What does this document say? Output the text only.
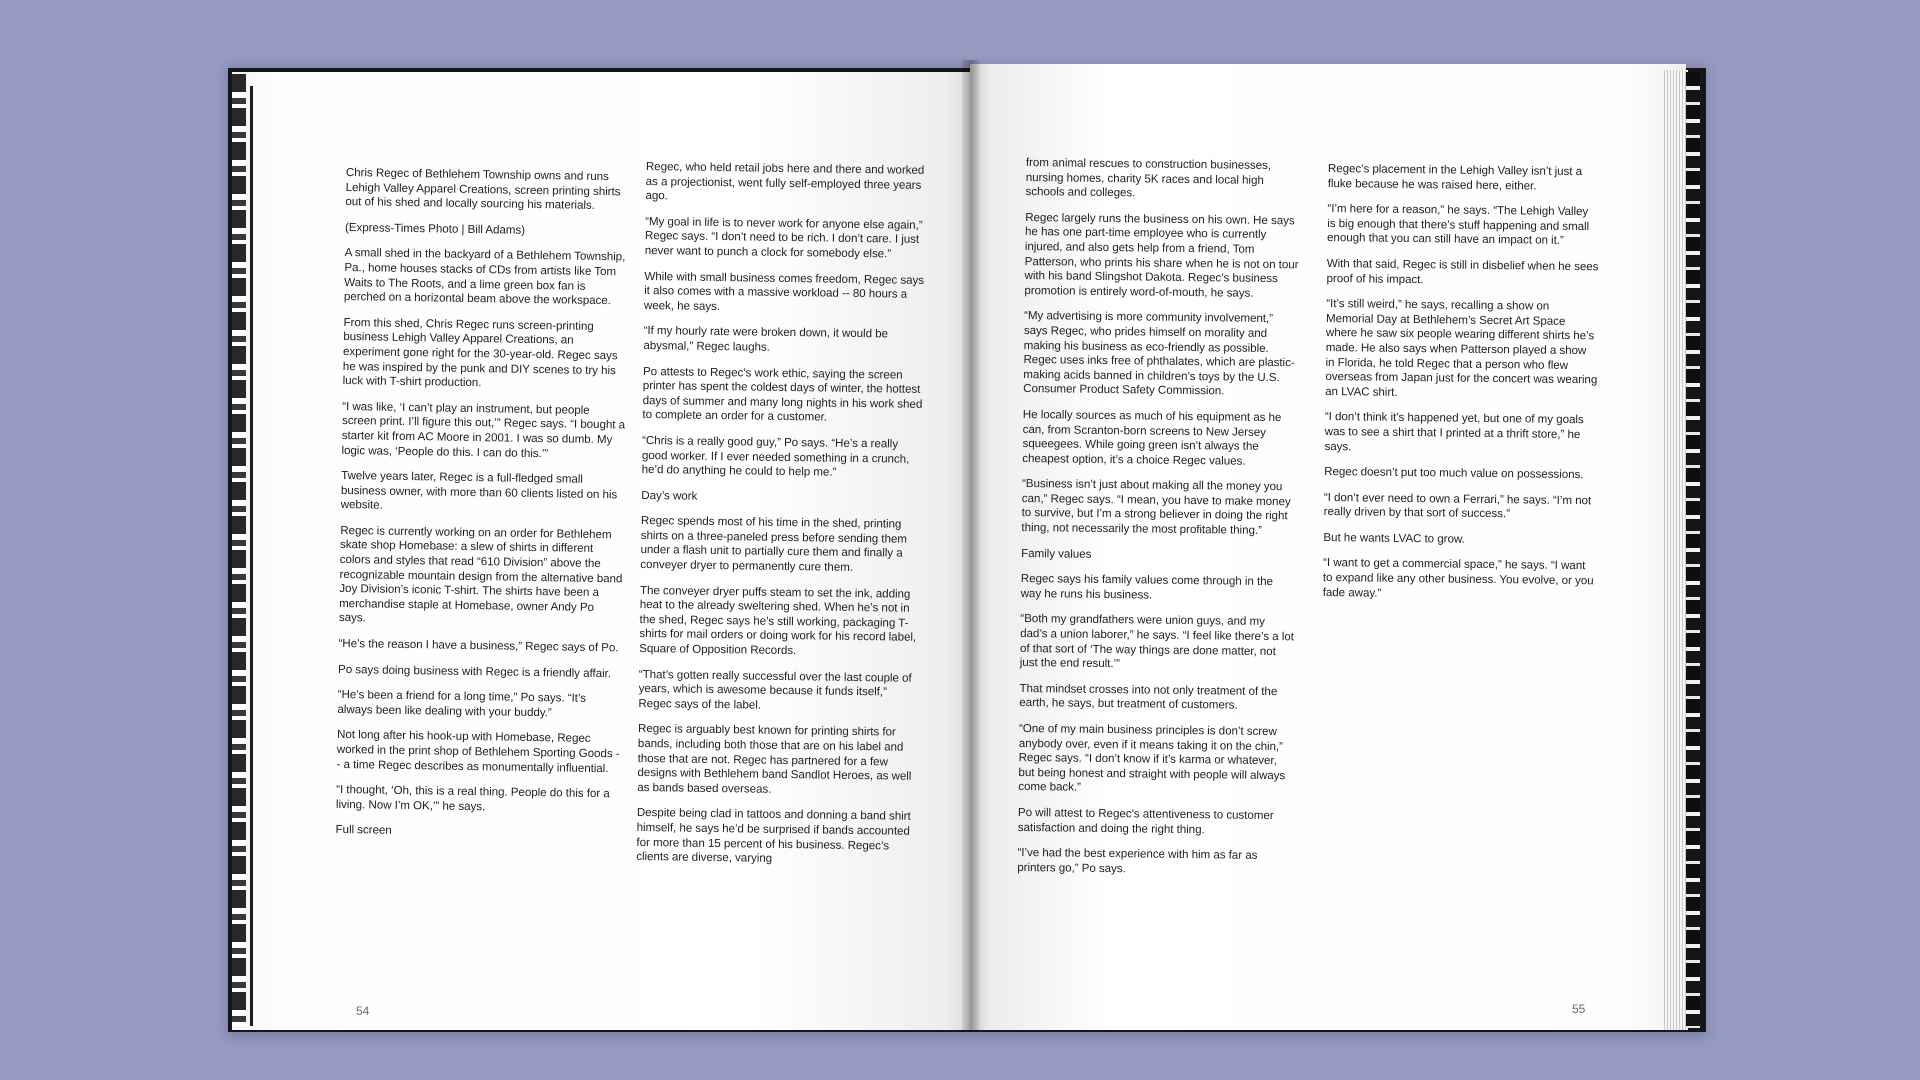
Chris Regec of Bethlehem Township owns and runs Lehigh Valley Apparel Creations, screen printing shirts out of his shed and locally sourcing his materials.

(Express-Times Photo | Bill Adams)

A small shed in the backyard of a Bethlehem Township, Pa., home houses stacks of CDs from artists like Tom Waits to The Roots, and a lime green box fan is perched on a horizontal beam above the workspace.

From this shed, Chris Regec runs screen-printing business Lehigh Valley Apparel Creations, an experiment gone right for the 30-year-old. Regec says he was inspired by the punk and DIY scenes to try his luck with T-shirt production.

“I was like, ‘I can’t play an instrument, but people screen print. I’ll figure this out,’” Regec says. “I bought a starter kit from AC Moore in 2001. I was so dumb. My logic was, ‘People do this. I can do this.’”

Twelve years later, Regec is a full-fledged small business owner, with more than 60 clients listed on his website.

Regec is currently working on an order for Bethlehem skate shop Homebase: a slew of shirts in different colors and styles that read “610 Division” above the recognizable mountain design from the alternative band Joy Division’s iconic T-shirt. The shirts have been a merchandise staple at Homebase, owner Andy Po says.

“He’s the reason I have a business,” Regec says of Po.

Po says doing business with Regec is a friendly affair.

“He’s been a friend for a long time,” Po says. “It’s always been like dealing with your buddy.”

Not long after his hook-up with Homebase, Regec worked in the print shop of Bethlehem Sporting Goods -- a time Regec describes as monumentally influential.

“I thought, ‘Oh, this is a real thing. People do this for a living. Now I’m OK,’” he says.

Full screen

Regec, who held retail jobs here and there and worked as a projectionist, went fully self-employed three years ago.

“My goal in life is to never work for anyone else again,” Regec says. “I don’t need to be rich. I don’t care. I just never want to punch a clock for somebody else.”

While with small business comes freedom, Regec says it also comes with a massive workload -- 80 hours a week, he says.

“If my hourly rate were broken down, it would be abysmal,” Regec laughs.

Po attests to Regec’s work ethic, saying the screen printer has spent the coldest days of winter, the hottest days of summer and many long nights in his work shed to complete an order for a customer.

“Chris is a really good guy,” Po says. “He’s a really good worker. If I ever needed something in a crunch, he’d do anything he could to help me.”

Day’s work

Regec spends most of his time in the shed, printing shirts on a three-paneled press before sending them under a flash unit to partially cure them and finally a conveyer dryer to permanently cure them.

The conveyer dryer puffs steam to set the ink, adding heat to the already sweltering shed. When he’s not in the shed, Regec says he’s still working, packaging T-shirts for mail orders or doing work for his record label, Square of Opposition Records.

“That’s gotten really successful over the last couple of years, which is awesome because it funds itself,” Regec says of the label.

Regec is arguably best known for printing shirts for bands, including both those that are on his label and those that are not. Regec has partnered for a few designs with Bethlehem band Sandlot Heroes, as well as bands based overseas.

Despite being clad in tattoos and donning a band shirt himself, he says he’d be surprised if bands accounted for more than 15 percent of his business. Regec’s clients are diverse, varying

from animal rescues to construction businesses, nursing homes, charity 5K races and local high schools and colleges.

Regec largely runs the business on his own. He says he has one part-time employee who is currently injured, and also gets help from a friend, Tom Patterson, who prints his share when he is not on tour with his band Slingshot Dakota. Regec’s business promotion is entirely word-of-mouth, he says.

“My advertising is more community involvement,” says Regec, who prides himself on morality and making his business as eco-friendly as possible. Regec uses inks free of phthalates, which are plastic-making acids banned in children’s toys by the U.S. Consumer Product Safety Commission.

He locally sources as much of his equipment as he can, from Scranton-born screens to New Jersey squeegees. While going green isn’t always the cheapest option, it’s a choice Regec values.

“Business isn’t just about making all the money you can,” Regec says. “I mean, you have to make money to survive, but I’m a strong believer in doing the right thing, not necessarily the most profitable thing.”

Family values

Regec says his family values come through in the way he runs his business.

“Both my grandfathers were union guys, and my dad’s a union laborer,” he says. “I feel like there’s a lot of that sort of ‘The way things are done matter, not just the end result.’”

That mindset crosses into not only treatment of the earth, he says, but treatment of customers.

“One of my main business principles is don’t screw anybody over, even if it means taking it on the chin,” Regec says. “I don’t know if it’s karma or whatever, but being honest and straight with people will always come back.”

Po will attest to Regec’s attentiveness to customer satisfaction and doing the right thing.

“I’ve had the best experience with him as far as printers go,” Po says.

Regec’s placement in the Lehigh Valley isn’t just a fluke because he was raised here, either.

“I’m here for a reason,” he says. “The Lehigh Valley is big enough that there’s stuff happening and small enough that you can still have an impact on it.”

With that said, Regec is still in disbelief when he sees proof of his impact.

“It’s still weird,” he says, recalling a show on Memorial Day at Bethlehem’s Secret Art Space where he saw six people wearing different shirts he’s made. He also says when Patterson played a show in Florida, he told Regec that a person who flew overseas from Japan just for the concert was wearing an LVAC shirt.

“I don’t think it’s happened yet, but one of my goals was to see a shirt that I printed at a thrift store,” he says.

Regec doesn’t put too much value on possessions.

“I don’t ever need to own a Ferrari,” he says. “I’m not really driven by that sort of success.”

But he wants LVAC to grow.

“I want to get a commercial space,” he says. “I want to expand like any other business. You evolve, or you fade away.”

54	55
